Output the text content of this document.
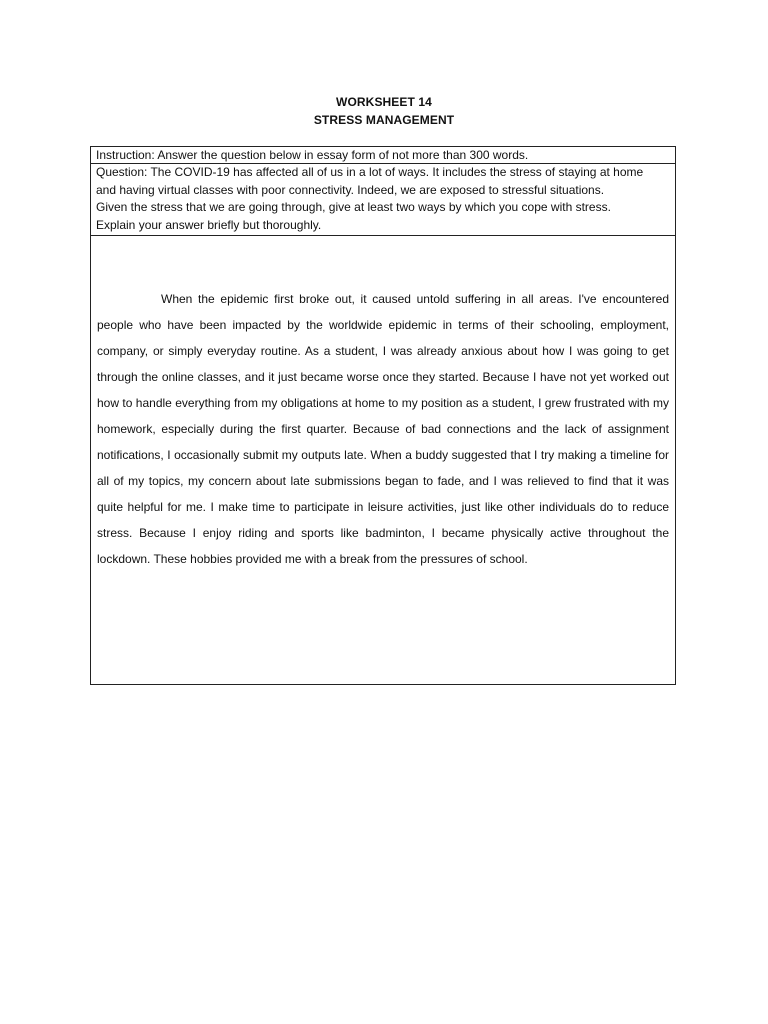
WORKSHEET 14
STRESS MANAGEMENT
Instruction: Answer the question below in essay form of not more than 300 words.
Question: The COVID-19 has affected all of us in a lot of ways. It includes the stress of staying at home
and having virtual classes with poor connectivity. Indeed, we are exposed to stressful situations.
Given the stress that we are going through, give at least two ways by which you cope with stress.
Explain your answer briefly but thoroughly.
When the epidemic first broke out, it caused untold suffering in all areas. I've encountered people who have been impacted by the worldwide epidemic in terms of their schooling, employment, company, or simply everyday routine. As a student, I was already anxious about how I was going to get through the online classes, and it just became worse once they started. Because I have not yet worked out how to handle everything from my obligations at home to my position as a student, I grew frustrated with my homework, especially during the first quarter. Because of bad connections and the lack of assignment notifications, I occasionally submit my outputs late. When a buddy suggested that I try making a timeline for all of my topics, my concern about late submissions began to fade, and I was relieved to find that it was quite helpful for me. I make time to participate in leisure activities, just like other individuals do to reduce stress. Because I enjoy riding and sports like badminton, I became physically active throughout the lockdown. These hobbies provided me with a break from the pressures of school.
